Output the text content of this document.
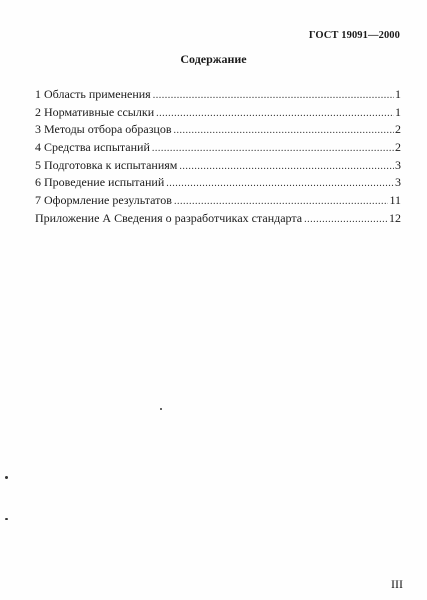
ГОСТ 19091—2000
Содержание
1 Область применения .....	1
2 Нормативные ссылки .....	1
3 Методы отбора образцов .....	2
4 Средства испытаний .....	2
5 Подготовка к испытаниям .....	3
6 Проведение испытаний .....	3
7 Оформление результатов .....	11
Приложение А Сведения о разработчиках стандарта .....	12
III
